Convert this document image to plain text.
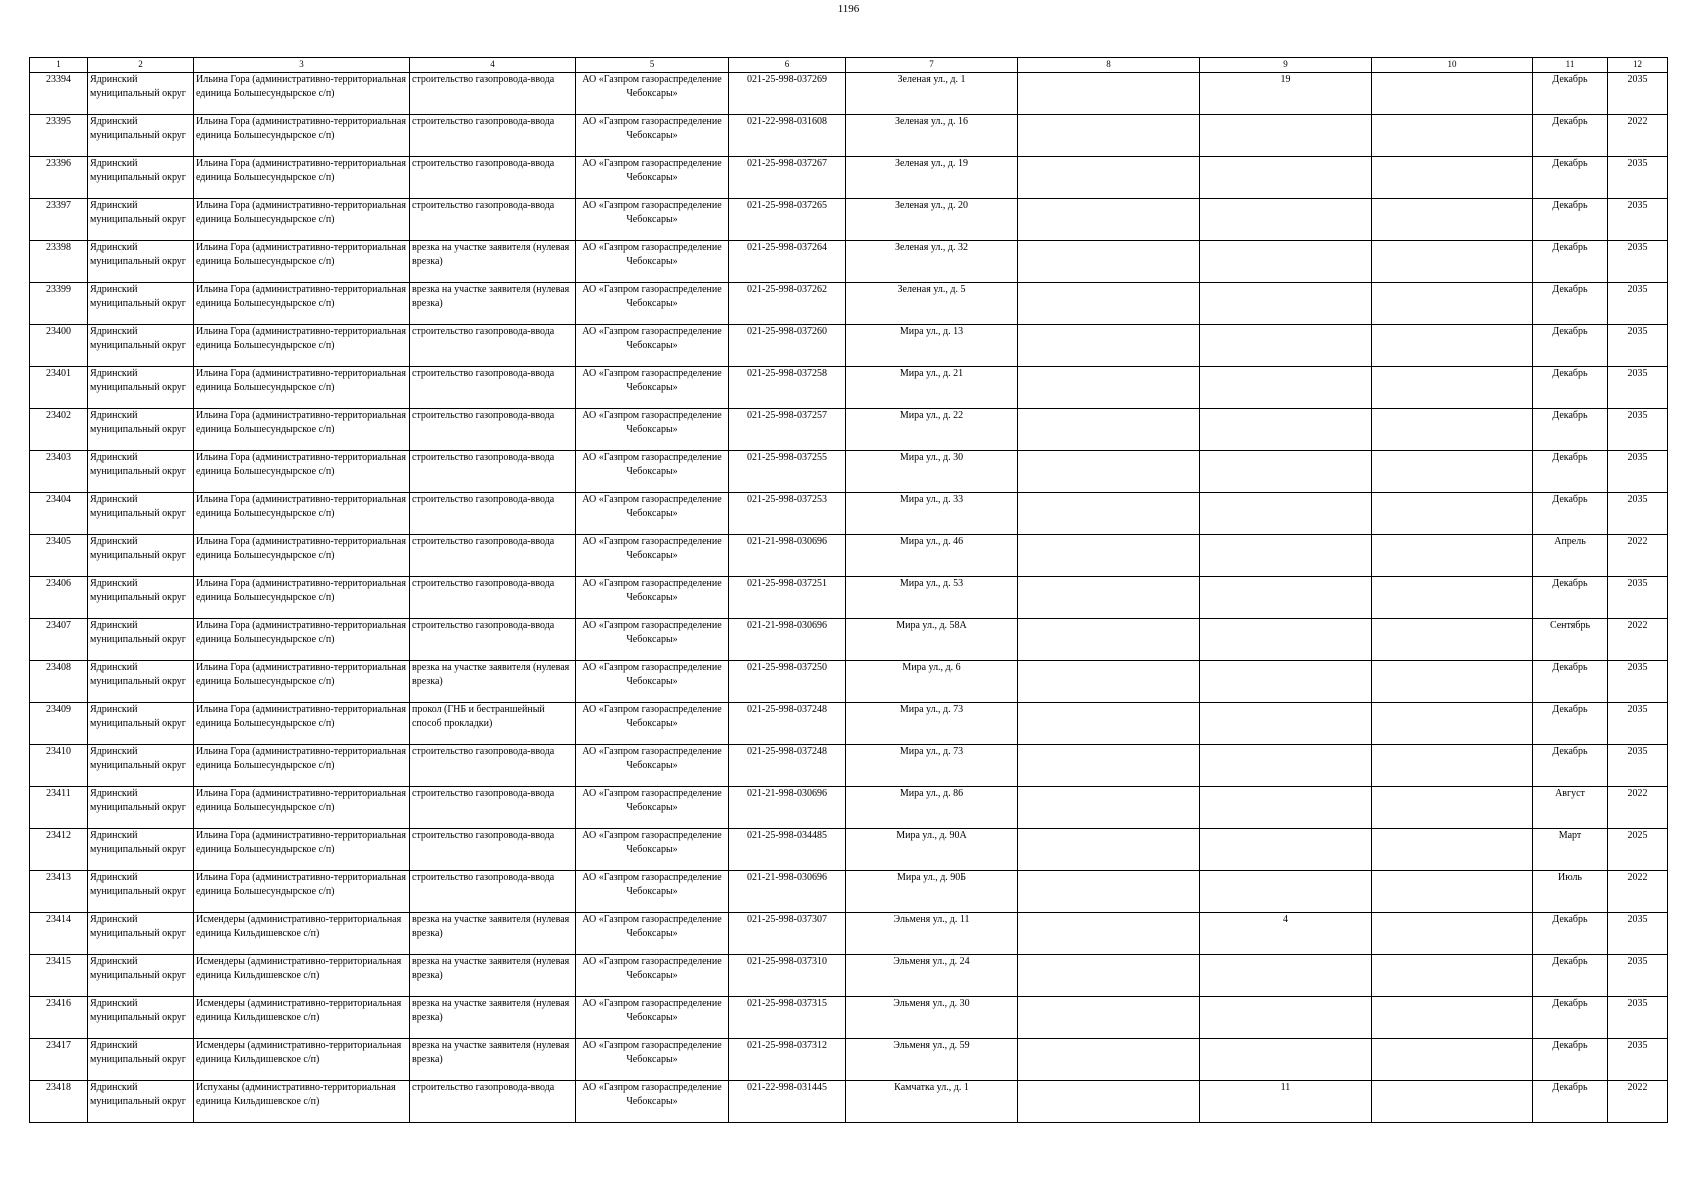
1196
1	2	3	4	5	6	7	8	9	10	11	12

23394	Ядринский муниципальный округ	Ильина Гора (административно-территориальная единица Большесундырское с/п)	строительство газопровода-ввода	АО «Газпром газораспределение Чебоксары»	021-25-998-037269	Зеленая ул., д. 1		19		Декабрь	2035

23395	Ядринский муниципальный округ	Ильина Гора (административно-территориальная единица Большесундырское с/п)	строительство газопровода-ввода	АО «Газпром газораспределение Чебоксары»	021-22-998-031608	Зеленая ул., д. 16				Декабрь	2022

23396	Ядринский муниципальный округ	Ильина Гора (административно-территориальная единица Большесундырское с/п)	строительство газопровода-ввода	АО «Газпром газораспределение Чебоксары»	021-25-998-037267	Зеленая ул., д. 19				Декабрь	2035

23397	Ядринский муниципальный округ	Ильина Гора (административно-территориальная единица Большесундырское с/п)	строительство газопровода-ввода	АО «Газпром газораспределение Чебоксары»	021-25-998-037265	Зеленая ул., д. 20				Декабрь	2035

23398	Ядринский муниципальный округ	Ильина Гора (административно-территориальная единица Большесундырское с/п)	врезка на участке заявителя (нулевая врезка)	АО «Газпром газораспределение Чебоксары»	021-25-998-037264	Зеленая ул., д. 32				Декабрь	2035

23399	Ядринский муниципальный округ	Ильина Гора (административно-территориальная единица Большесундырское с/п)	врезка на участке заявителя (нулевая врезка)	АО «Газпром газораспределение Чебоксары»	021-25-998-037262	Зеленая ул., д. 5				Декабрь	2035

23400	Ядринский муниципальный округ	Ильина Гора (административно-территориальная единица Большесундырское с/п)	строительство газопровода-ввода	АО «Газпром газораспределение Чебоксары»	021-25-998-037260	Мира ул., д. 13				Декабрь	2035

23401	Ядринский муниципальный округ	Ильина Гора (административно-территориальная единица Большесундырское с/п)	строительство газопровода-ввода	АО «Газпром газораспределение Чебоксары»	021-25-998-037258	Мира ул., д. 21				Декабрь	2035

23402	Ядринский муниципальный округ	Ильина Гора (административно-территориальная единица Большесундырское с/п)	строительство газопровода-ввода	АО «Газпром газораспределение Чебоксары»	021-25-998-037257	Мира ул., д. 22				Декабрь	2035

23403	Ядринский муниципальный округ	Ильина Гора (административно-территориальная единица Большесундырское с/п)	строительство газопровода-ввода	АО «Газпром газораспределение Чебоксары»	021-25-998-037255	Мира ул., д. 30				Декабрь	2035

23404	Ядринский муниципальный округ	Ильина Гора (административно-территориальная единица Большесундырское с/п)	строительство газопровода-ввода	АО «Газпром газораспределение Чебоксары»	021-25-998-037253	Мира ул., д. 33				Декабрь	2035

23405	Ядринский муниципальный округ	Ильина Гора (административно-территориальная единица Большесундырское с/п)	строительство газопровода-ввода	АО «Газпром газораспределение Чебоксары»	021-21-998-030696	Мира ул., д. 46				Апрель	2022

23406	Ядринский муниципальный округ	Ильина Гора (административно-территориальная единица Большесундырское с/п)	строительство газопровода-ввода	АО «Газпром газораспределение Чебоксары»	021-25-998-037251	Мира ул., д. 53				Декабрь	2035

23407	Ядринский муниципальный округ	Ильина Гора (административно-территориальная единица Большесундырское с/п)	строительство газопровода-ввода	АО «Газпром газораспределение Чебоксары»	021-21-998-030696	Мира ул., д. 58А				Сентябрь	2022

23408	Ядринский муниципальный округ	Ильина Гора (административно-территориальная единица Большесундырское с/п)	врезка на участке заявителя (нулевая врезка)	АО «Газпром газораспределение Чебоксары»	021-25-998-037250	Мира ул., д. 6				Декабрь	2035

23409	Ядринский муниципальный округ	Ильина Гора (административно-территориальная единица Большесундырское с/п)	прокол (ГНБ и бестраншейный способ прокладки)	АО «Газпром газораспределение Чебоксары»	021-25-998-037248	Мира ул., д. 73				Декабрь	2035

23410	Ядринский муниципальный округ	Ильина Гора (административно-территориальная единица Большесундырское с/п)	строительство газопровода-ввода	АО «Газпром газораспределение Чебоксары»	021-25-998-037248	Мира ул., д. 73				Декабрь	2035

23411	Ядринский муниципальный округ	Ильина Гора (административно-территориальная единица Большесундырское с/п)	строительство газопровода-ввода	АО «Газпром газораспределение Чебоксары»	021-21-998-030696	Мира ул., д. 86				Август	2022

23412	Ядринский муниципальный округ	Ильина Гора (административно-территориальная единица Большесундырское с/п)	строительство газопровода-ввода	АО «Газпром газораспределение Чебоксары»	021-25-998-034485	Мира ул., д. 90А				Март	2025

23413	Ядринский муниципальный округ	Ильина Гора (административно-территориальная единица Большесундырское с/п)	строительство газопровода-ввода	АО «Газпром газораспределение Чебоксары»	021-21-998-030696	Мира ул., д. 90Б				Июль	2022

23414	Ядринский муниципальный округ	Исмендеры (административно-территориальная единица Кильдишевское с/п)	врезка на участке заявителя (нулевая врезка)	АО «Газпром газораспределение Чебоксары»	021-25-998-037307	Эльменя ул., д. 11		4		Декабрь	2035

23415	Ядринский муниципальный округ	Исмендеры (административно-территориальная единица Кильдишевское с/п)	врезка на участке заявителя (нулевая врезка)	АО «Газпром газораспределение Чебоксары»	021-25-998-037310	Эльменя ул., д. 24				Декабрь	2035

23416	Ядринский муниципальный округ	Исмендеры (административно-территориальная единица Кильдишевское с/п)	врезка на участке заявителя (нулевая врезка)	АО «Газпром газораспределение Чебоксары»	021-25-998-037315	Эльменя ул., д. 30				Декабрь	2035

23417	Ядринский муниципальный округ	Исмендеры (административно-территориальная единица Кильдишевское с/п)	врезка на участке заявителя (нулевая врезка)	АО «Газпром газораспределение Чебоксары»	021-25-998-037312	Эльменя ул., д. 59				Декабрь	2035

23418	Ядринский муниципальный округ	Испуханы (административно-территориальная единица Кильдишевское с/п)	строительство газопровода-ввода	АО «Газпром газораспределение Чебоксары»	021-22-998-031445	Камчатка ул., д. 1		11		Декабрь	2022
